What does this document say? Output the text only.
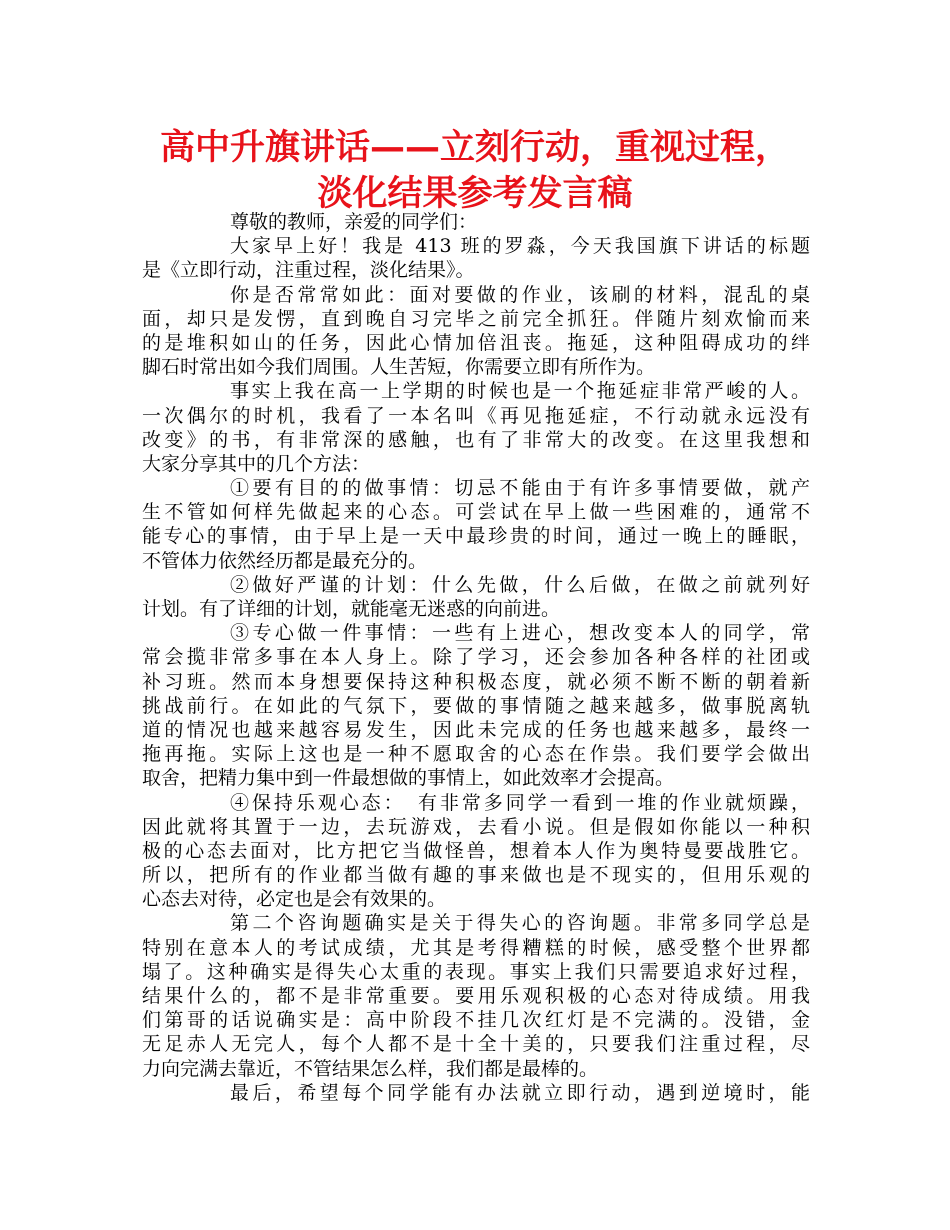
高中升旗讲话——立刻行动，重视过程，
淡化结果参考发言稿
尊敬的教师，亲爱的同学们：
大家早上好！我是 413 班的罗淼，今天我国旗下讲话的标题
是《立即行动，注重过程，淡化结果》。
你是否常常如此：面对要做的作业，该刷的材料，混乱的桌
面，却只是发愣，直到晚自习完毕之前完全抓狂。伴随片刻欢愉而来
的是堆积如山的任务，因此心情加倍沮丧。拖延，这种阻碍成功的绊
脚石时常出如今我们周围。人生苦短，你需要立即有所作为。
事实上我在高一上学期的时候也是一个拖延症非常严峻的人。
一次偶尔的时机，我看了一本名叫《再见拖延症，不行动就永远没有
改变》的书，有非常深的感触，也有了非常大的改变。在这里我想和
大家分享其中的几个方法：
①要有目的的做事情：切忌不能由于有许多事情要做，就产
生不管如何样先做起来的心态。可尝试在早上做一些困难的，通常不
能专心的事情，由于早上是一天中最珍贵的时间，通过一晚上的睡眠，
不管体力依然经历都是最充分的。
②做好严谨的计划：什么先做，什么后做，在做之前就列好
计划。有了详细的计划，就能毫无迷惑的向前进。
③专心做一件事情：一些有上进心，想改变本人的同学，常
常会揽非常多事在本人身上。除了学习，还会参加各种各样的社团或
补习班。然而本身想要保持这种积极态度，就必须不断不断的朝着新
挑战前行。在如此的气氛下，要做的事情随之越来越多，做事脱离轨
道的情况也越来越容易发生，因此未完成的任务也越来越多，最终一
拖再拖。实际上这也是一种不愿取舍的心态在作祟。我们要学会做出
取舍，把精力集中到一件最想做的事情上，如此效率才会提高。
④保持乐观心态：　有非常多同学一看到一堆的作业就烦躁，
因此就将其置于一边，去玩游戏，去看小说。但是假如你能以一种积
极的心态去面对，比方把它当做怪兽，想着本人作为奥特曼要战胜它。
所以，把所有的作业都当做有趣的事来做也是不现实的，但用乐观的
心态去对待，必定也是会有效果的。
第二个咨询题确实是关于得失心的咨询题。非常多同学总是
特别在意本人的考试成绩，尤其是考得糟糕的时候，感受整个世界都
塌了。这种确实是得失心太重的表现。事实上我们只需要追求好过程，
结果什么的，都不是非常重要。要用乐观积极的心态对待成绩。用我
们第哥的话说确实是：高中阶段不挂几次红灯是不完满的。没错，金
无足赤人无完人，每个人都不是十全十美的，只要我们注重过程，尽
力向完满去靠近，不管结果怎么样，我们都是最棒的。
最后，希望每个同学能有办法就立即行动，遇到逆境时，能
